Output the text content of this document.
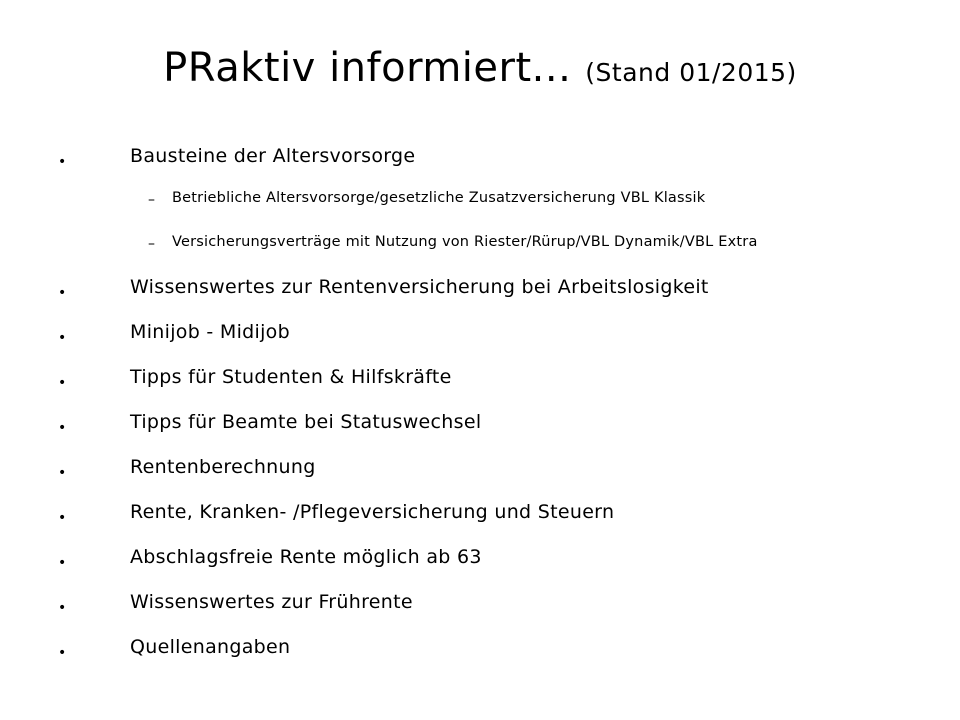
PRaktiv informiert... (Stand 01/2015)
•	Bausteine der Altersvorsorge
– Betriebliche Altersvorsorge/gesetzliche Zusatzversicherung VBL Klassik
– Versicherungsverträge mit Nutzung von Riester/Rürup/VBL Dynamik/VBL Extra
•	Wissenswertes zur Rentenversicherung bei Arbeitslosigkeit
•	Minijob - Midijob
•	Tipps für Studenten & Hilfskräfte
•	Tipps für Beamte bei Statuswechsel
•	Rentenberechnung
•	Rente, Kranken- /Pflegeversicherung und Steuern
•	Abschlagsfreie Rente möglich ab 63
•	Wissenswertes zur Frührente
•	Quellenangaben
